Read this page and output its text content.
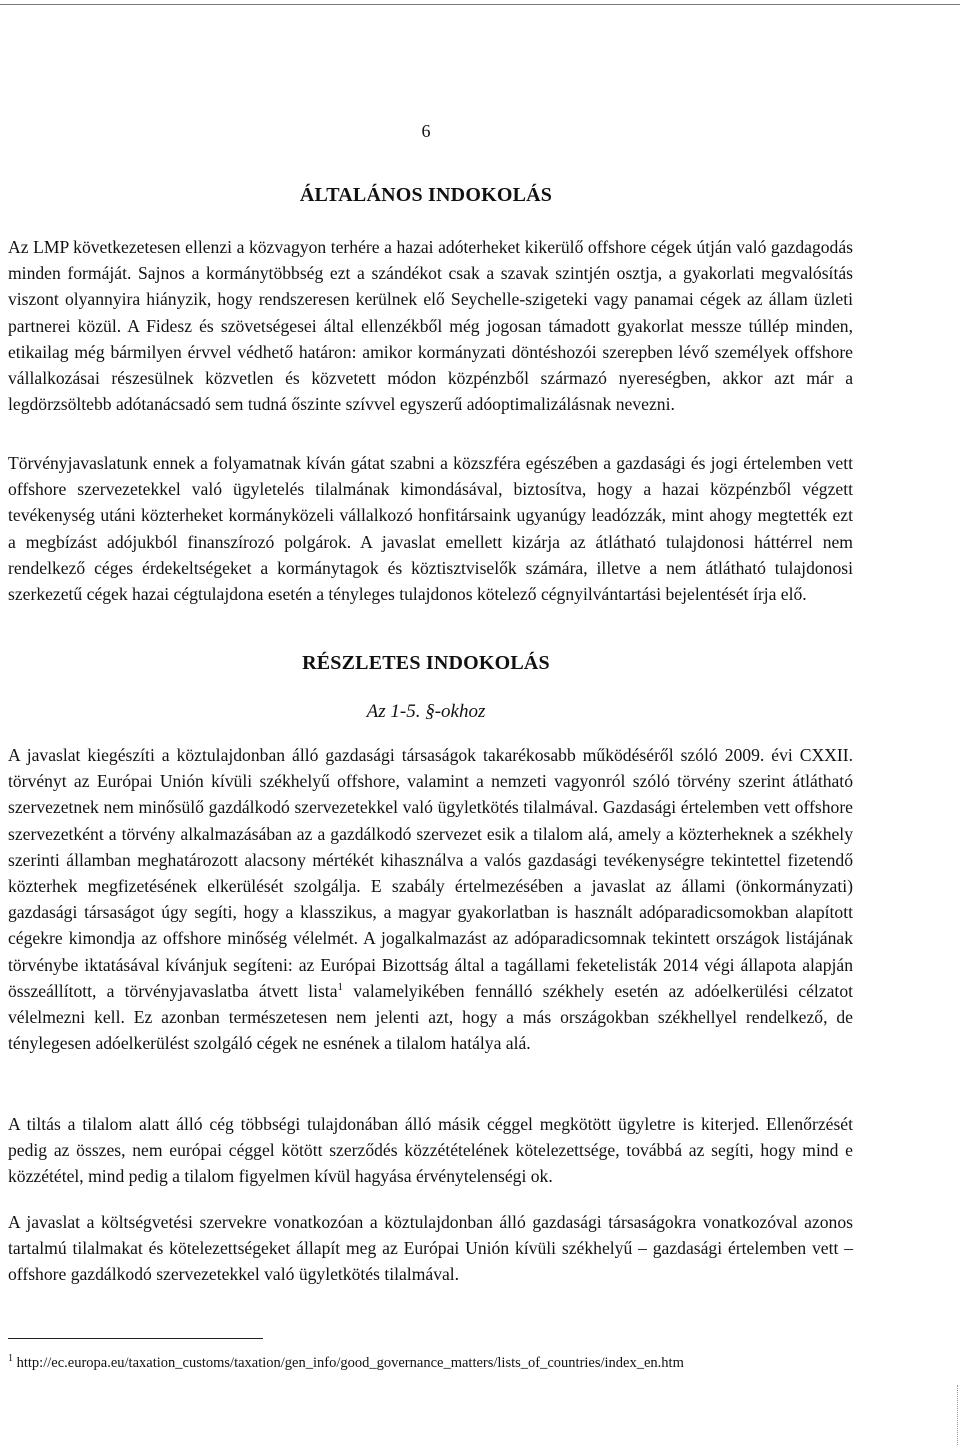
6
ÁLTALÁNOS INDOKOLÁS

Az LMP következetesen ellenzi a közvagyon terhére a hazai adóterheket kikerülő offshore cégek útján való gazdagodás minden formáját. Sajnos a kormánytöbbség ezt a szándékot csak a szavak szintjén osztja, a gyakorlati megvalósítás viszont olyannyira hiányzik, hogy rendszeresen kerülnek elő Seychelle-szigeteki vagy panamai cégek az állam üzleti partnerei közül. A Fidesz és szövetségesei által ellenzékből még jogosan támadott gyakorlat messze túllép minden, etikailag még bármilyen érvvel védhető határon: amikor kormányzati döntéshozói szerepben lévő személyek offshore vállalkozásai részesülnek közvetlen és közvetett módon közpénzből származó nyereségben, akkor azt már a legdörzsöltebb adótanácsadó sem tudná őszinte szívvel egyszerű adóoptimalizálásnak nevezni.

Törvényjavaslatunk ennek a folyamatnak kíván gátat szabni a közszféra egészében a gazdasági és jogi értelemben vett offshore szervezetekkel való ügyletelés tilalmának kimondásával, biztosítva, hogy a hazai közpénzből végzett tevékenység utáni közterheket kormányközeli vállalkozó honfitársaink ugyanúgy leadózzák, mint ahogy megtették ezt a megbízást adójukból finanszírozó polgárok. A javaslat emellett kizárja az átlátható tulajdonosi háttérrel nem rendelkező céges érdekeltségeket a kormánytagok és köztisztviselők számára, illetve a nem átlátható tulajdonosi szerkezetű cégek hazai cégtulajdona esetén a tényleges tulajdonos kötelező cégnyilvántartási bejelentését írja elő.

RÉSZLETES INDOKOLÁS
Az 1-5. §-okhoz

A javaslat kiegészíti a köztulajdonban álló gazdasági társaságok takarékosabb működéséről szóló 2009. évi CXXII. törvényt az Európai Unión kívüli székhelyű offshore, valamint a nemzeti vagyonról szóló törvény szerint átlátható szervezetnek nem minősülő gazdálkodó szervezetekkel való ügyletkötés tilalmával. Gazdasági értelemben vett offshore szervezetként a törvény alkalmazásában az a gazdálkodó szervezet esik a tilalom alá, amely a közterheknek a székhely szerinti államban meghatározott alacsony mértékét kihasználva a valós gazdasági tevékenységre tekintettel fizetendő közterhek megfizetésének elkerülését szolgálja. E szabály értelmezésében a javaslat az állami (önkormányzati) gazdasági társaságot úgy segíti, hogy a klasszikus, a magyar gyakorlatban is használt adóparadicsomokban alapított cégekre kimondja az offshore minőség vélelmét. A jogalkalmazást az adóparadicsomnak tekintett országok listájának törvénybe iktatásával kívánjuk segíteni: az Európai Bizottság által a tagállami feketelisták 2014 végi állapota alapján összeállított, a törvényjavaslatba átvett lista$^1$ valamelyikében fennálló székhely esetén az adóelkerülési célzatot vélelmezni kell. Ez azonban természetesen nem jelenti azt, hogy a más országokban székhellyel rendelkező, de ténylegesen adóelkerülést szolgáló cégek ne esnének a tilalom hatálya alá.

A tiltás a tilalom alatt álló cég többségi tulajdonában álló másik céggel megkötött ügyletre is kiterjed. Ellenőrzését pedig az összes, nem európai céggel kötött szerződés közzétételének kötelezettsége, továbbá az segíti, hogy mind e közzététel, mind pedig a tilalom figyelmen kívül hagyása érvénytelenségi ok.

A javaslat a költségvetési szervekre vonatkozóan a köztulajdonban álló gazdasági társaságokra vonatkozóval azonos tartalmú tilalmakat és kötelezettségeket állapít meg az Európai Unión kívüli székhelyű – gazdasági értelemben vett – offshore gazdálkodó szervezetekkel való ügyletkötés tilalmával.

$^1$ http://ec.europa.eu/taxation_customs/taxation/gen_info/good_governance_matters/lists_of_countries/index_en.htm
